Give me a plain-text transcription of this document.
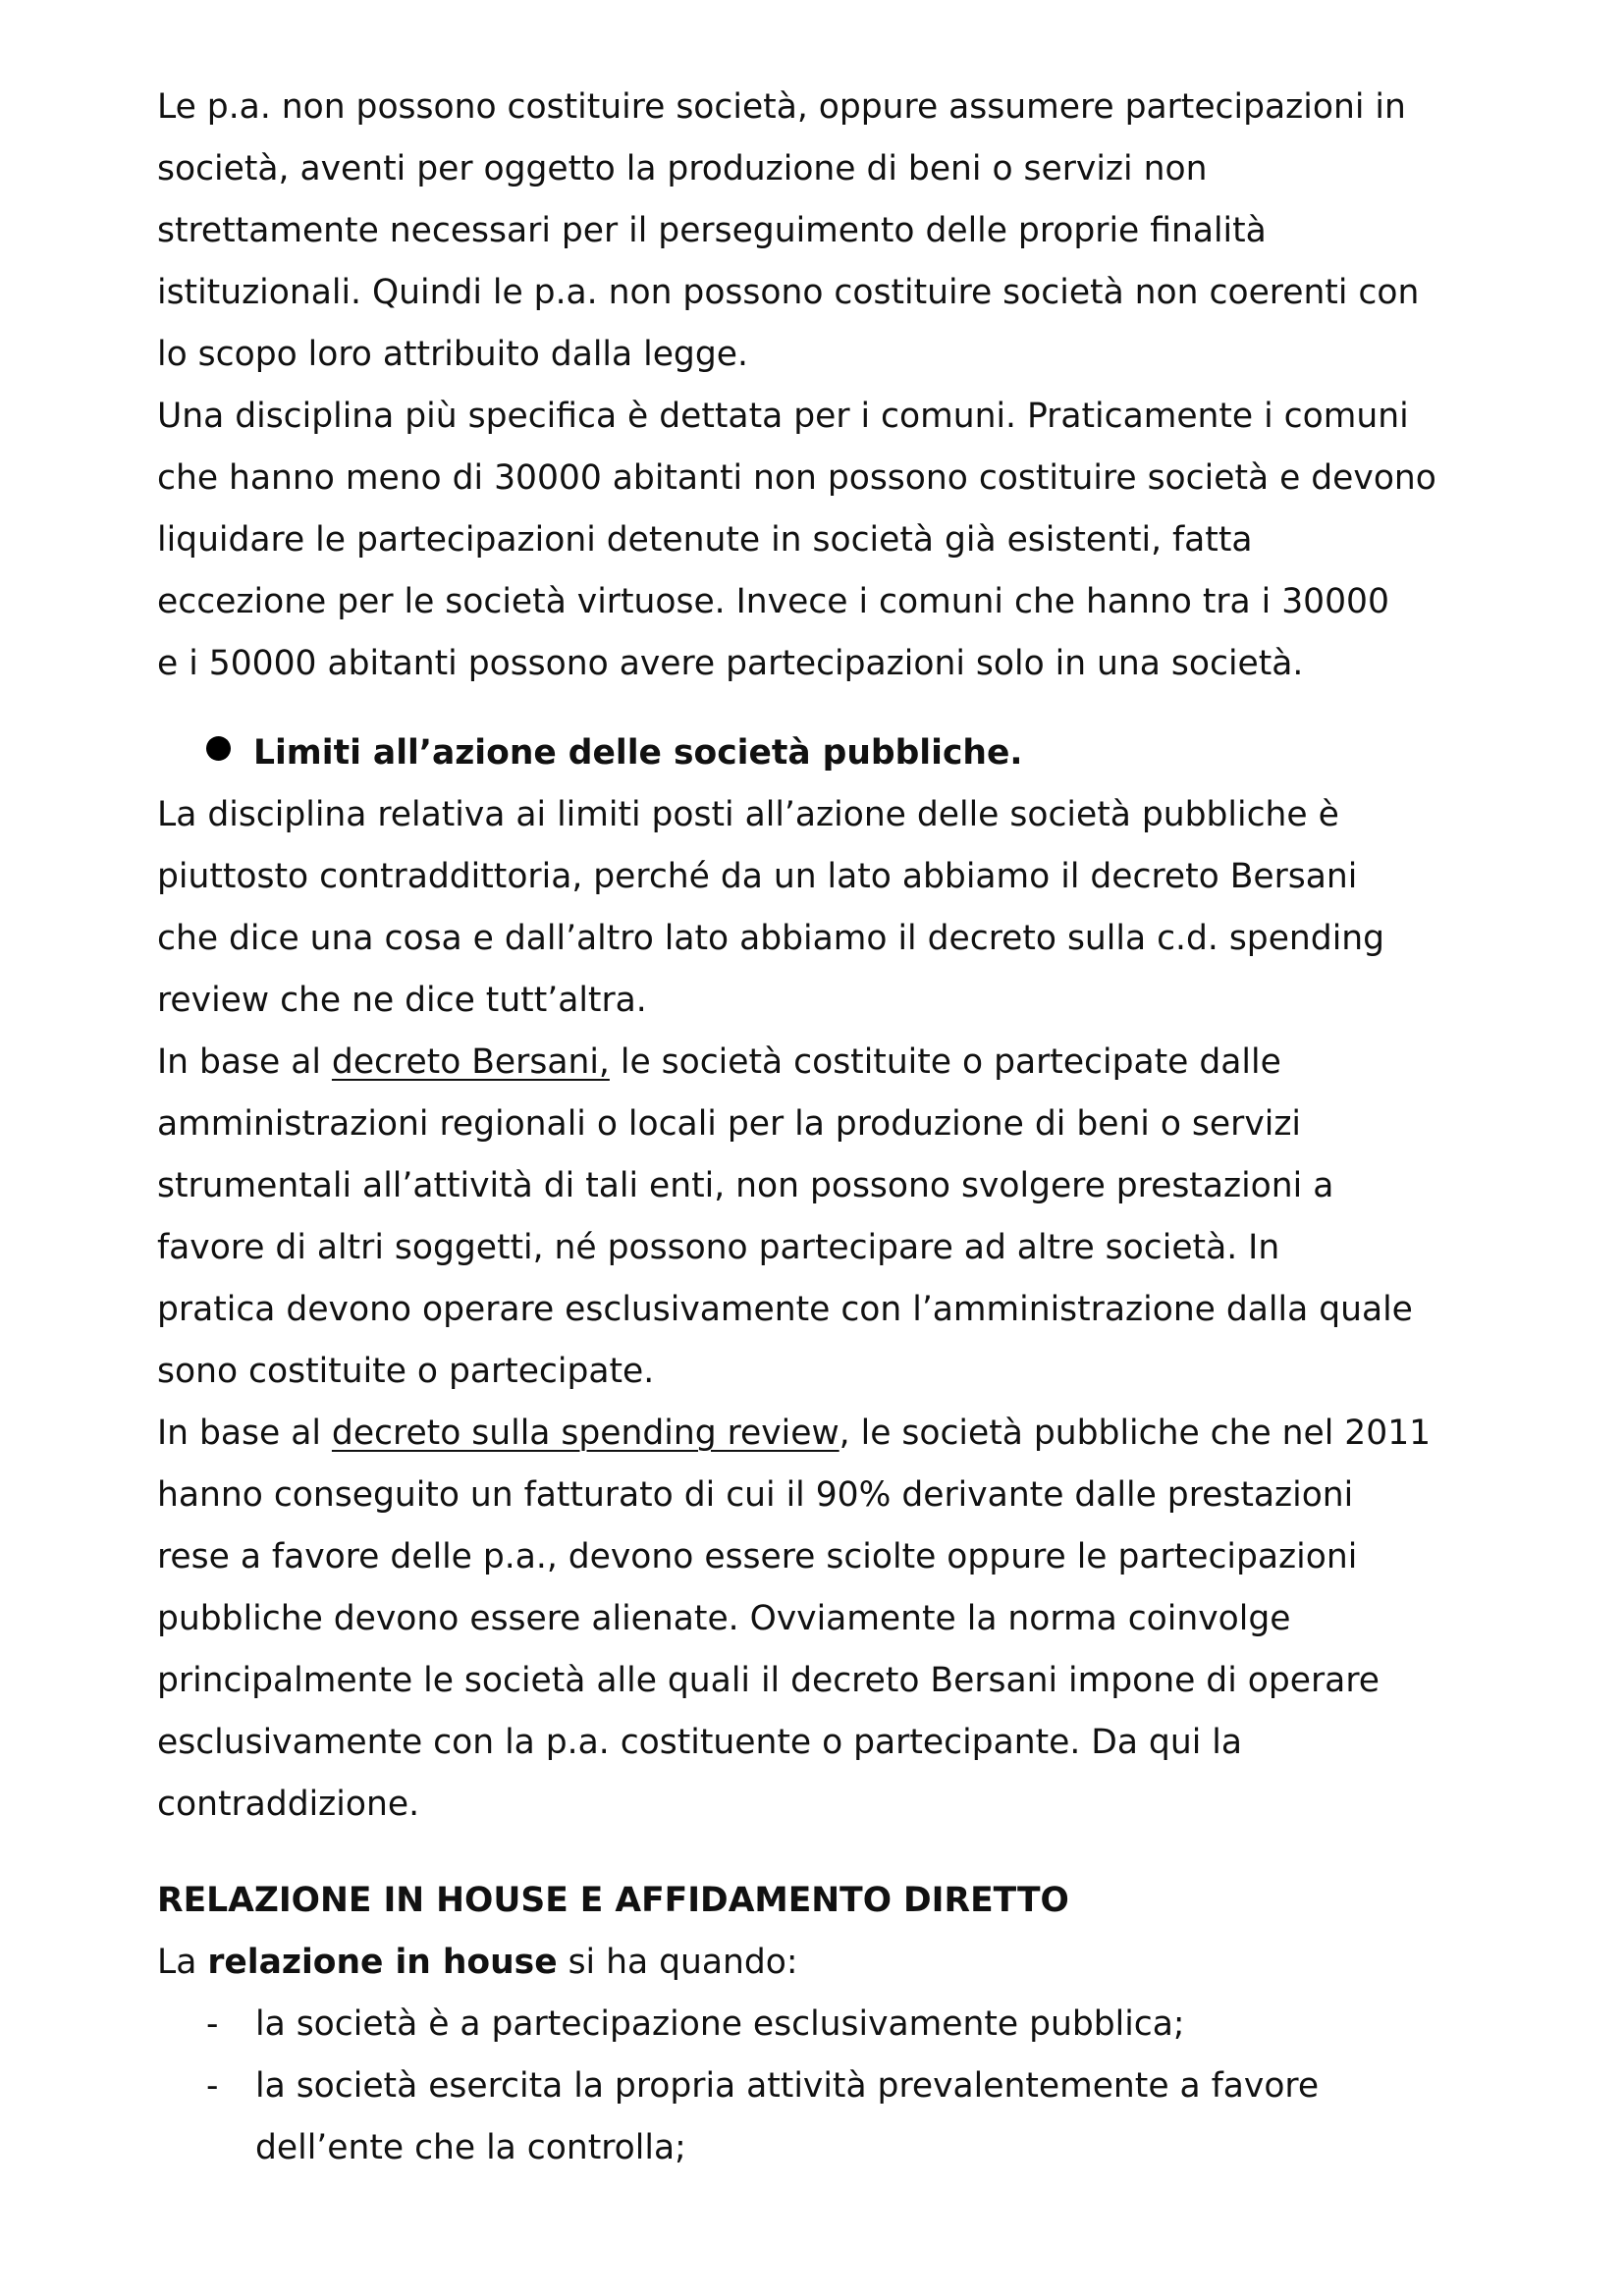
Le p.a. non possono costituire società, oppure assumere partecipazioni in
società, aventi per oggetto la produzione di beni o servizi non
strettamente necessari per il perseguimento delle proprie finalità
istituzionali. Quindi le p.a. non possono costituire società non coerenti con
lo scopo loro attribuito dalla legge.
Una disciplina più specifica è dettata per i comuni. Praticamente i comuni
che hanno meno di 30000 abitanti non possono costituire società e devono
liquidare le partecipazioni detenute in società già esistenti, fatta
eccezione per le società virtuose. Invece i comuni che hanno tra i 30000
e i 50000 abitanti possono avere partecipazioni solo in una società.
Limiti all’azione delle società pubbliche.
La disciplina relativa ai limiti posti all’azione delle società pubbliche è
piuttosto contraddittoria, perché da un lato abbiamo il decreto Bersani
che dice una cosa e dall’altro lato abbiamo il decreto sulla c.d. spending
review che ne dice tutt’altra.
In base al decreto Bersani, le società costituite o partecipate dalle
amministrazioni regionali o locali per la produzione di beni o servizi
strumentali all’attività di tali enti, non possono svolgere prestazioni a
favore di altri soggetti, né possono partecipare ad altre società. In
pratica devono operare esclusivamente con l’amministrazione dalla quale
sono costituite o partecipate.
In base al decreto sulla spending review, le società pubbliche che nel 2011
hanno conseguito un fatturato di cui il 90% derivante dalle prestazioni
rese a favore delle p.a., devono essere sciolte oppure le partecipazioni
pubbliche devono essere alienate. Ovviamente la norma coinvolge
principalmente le società alle quali il decreto Bersani impone di operare
esclusivamente con la p.a. costituente o partecipante. Da qui la
contraddizione.
RELAZIONE IN HOUSE E AFFIDAMENTO DIRETTO
La relazione in house si ha quando:
-	la società è a partecipazione esclusivamente pubblica;
-	la società esercita la propria attività prevalentemente a favore
dell’ente che la controlla;
